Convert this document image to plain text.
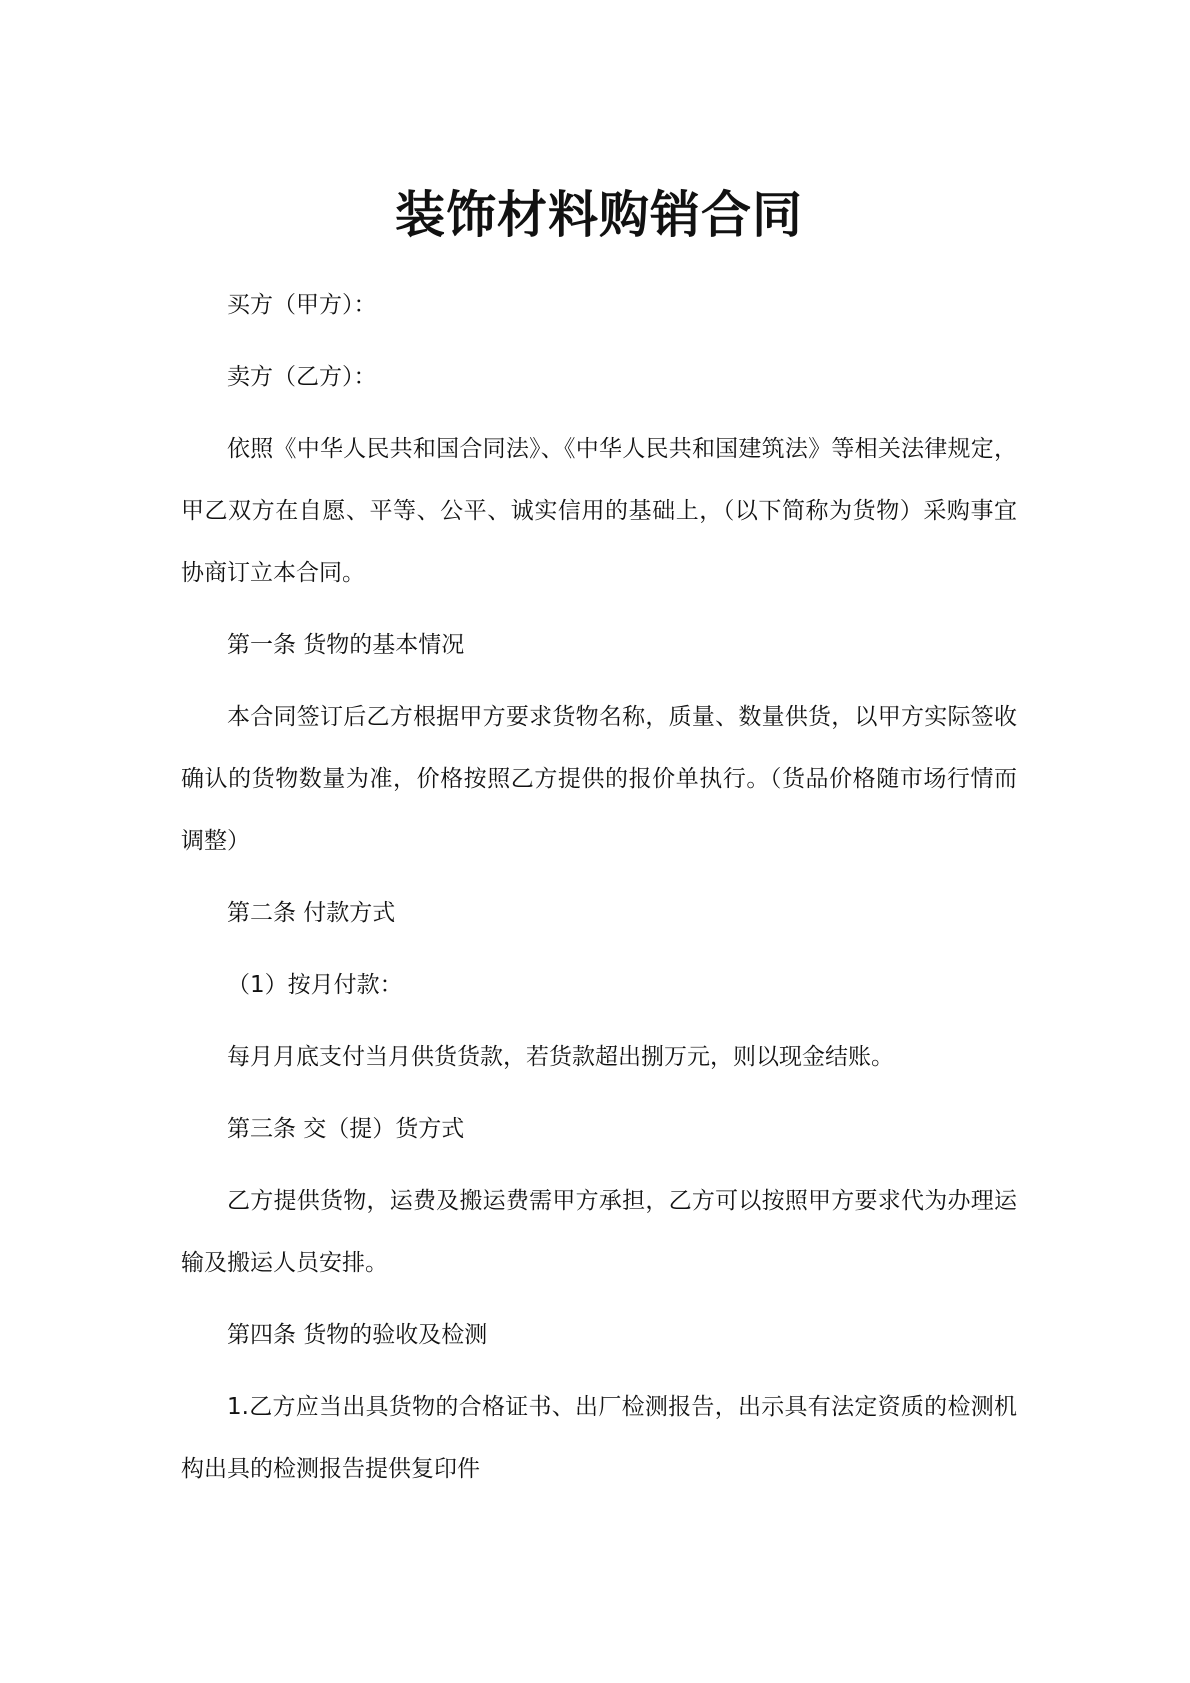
装饰材料购销合同

买方（甲方）：

卖方（乙方）：

依照《中华人民共和国合同法》、《中华人民共和国建筑法》等相关法律规定，甲乙双方在自愿、平等、公平、诚实信用的基础上，（以下简称为货物）采购事宜协商订立本合同。

第一条 货物的基本情况

本合同签订后乙方根据甲方要求货物名称，质量、数量供货，以甲方实际签收确认的货物数量为准，价格按照乙方提供的报价单执行。（货品价格随市场行情而调整）

第二条 付款方式

（1）按月付款：

每月月底支付当月供货货款，若货款超出捌万元，则以现金结账。

第三条 交（提）货方式

乙方提供货物，运费及搬运费需甲方承担，乙方可以按照甲方要求代为办理运输及搬运人员安排。

第四条 货物的验收及检测

1.乙方应当出具货物的合格证书、出厂检测报告，出示具有法定资质的检测机构出具的检测报告提供复印件
